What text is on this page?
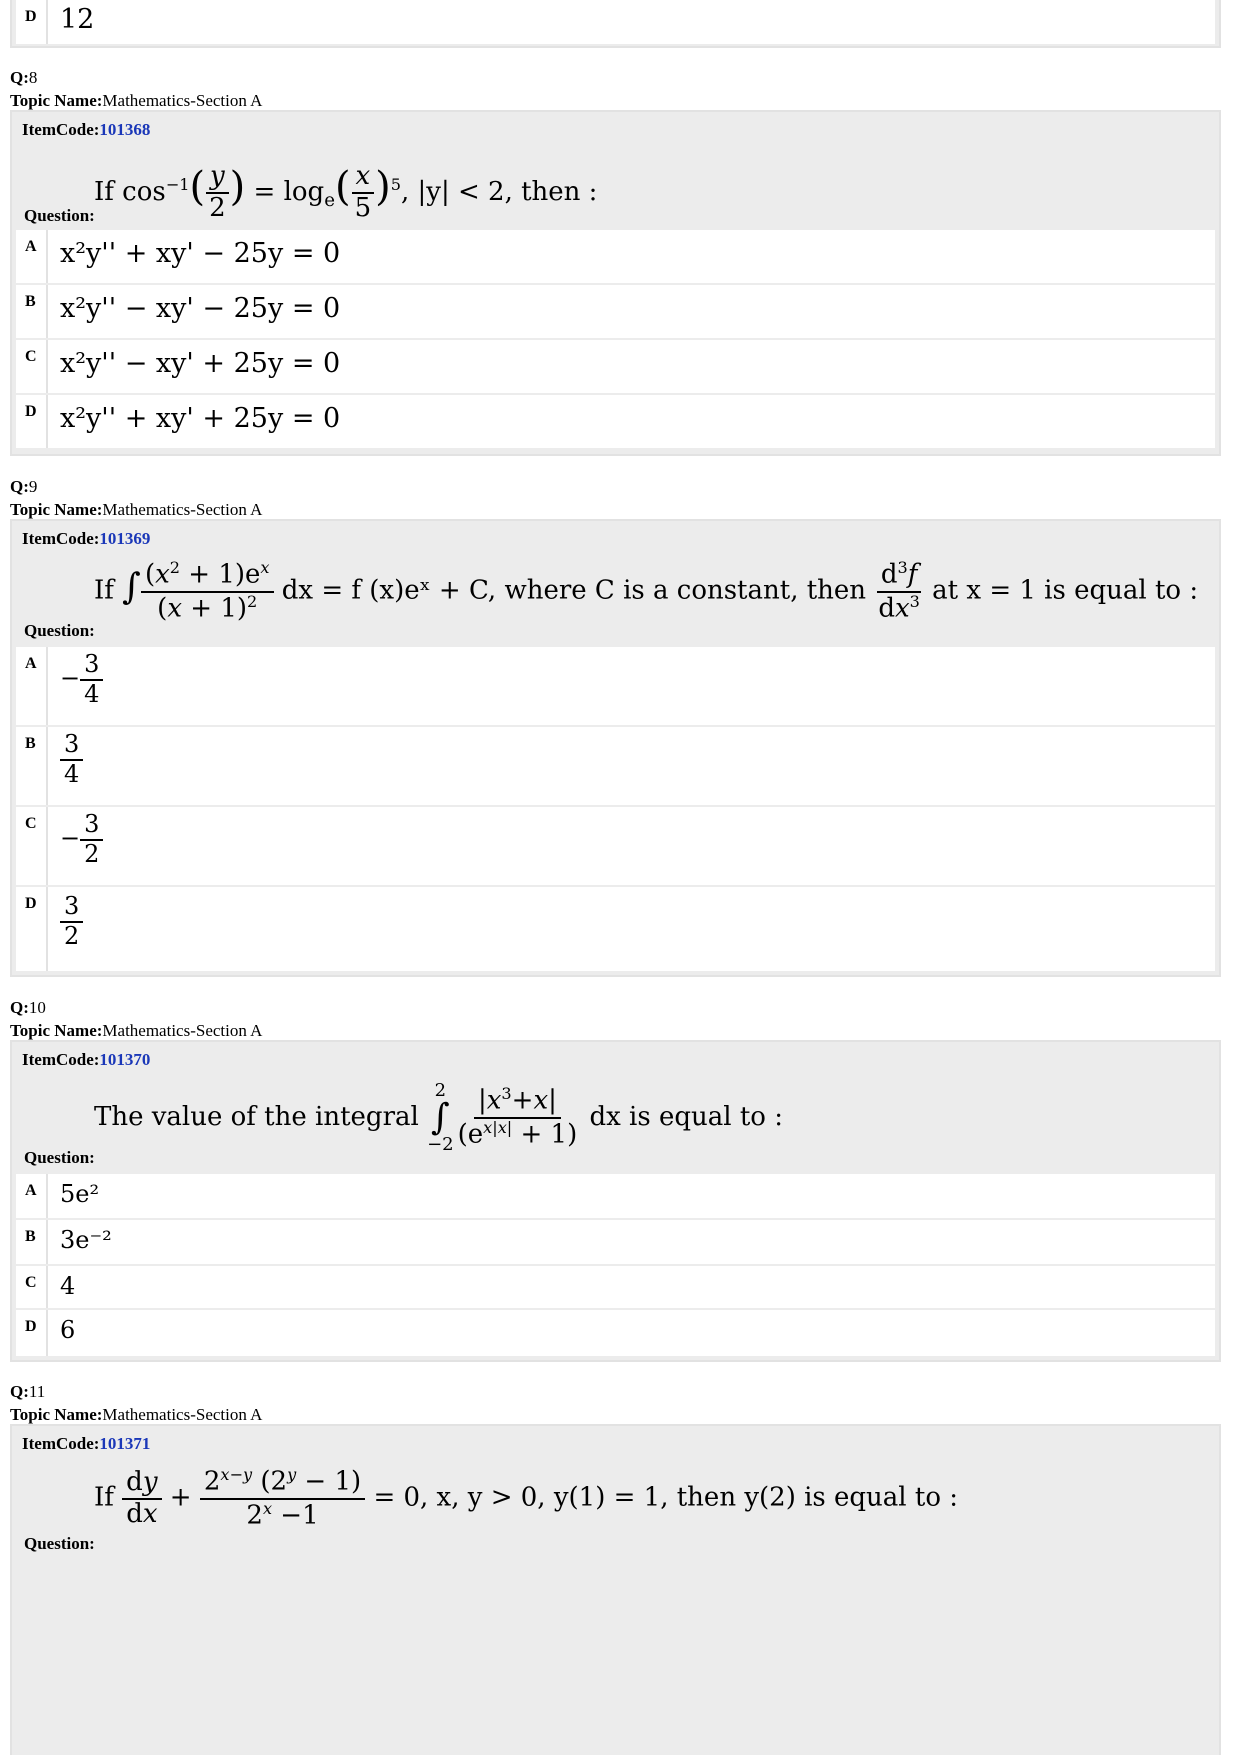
D 12
Q:8
Topic Name:Mathematics-Section A
ItemCode:101368
If $\cos^{-1}( \frac{y}{2}$ ) = $\log_e( \frac{x}{5} )^5$, |y| < 2, then :
Question:
A x²y'' + xy' − 25y = 0
B x²y'' − xy' − 25y = 0
C x²y'' − xy' + 25y = 0
D x²y'' + xy' + 25y = 0
Q:9
Topic Name:Mathematics-Section A
ItemCode:101369
If ∫ $\frac{(x^2 + 1)e^x}{(x + 1)^2}$ dx = f (x)eˣ + C, where C is a constant, then $\frac{d^3f}{dx^3}$ at x = 1 is equal to :
Question:
A
− $\frac{3}{4}$
B	$\frac{3}{4}$
C
− $\frac{3}{2}$
D $\frac{3}{2}$
Q:10
Topic Name:Mathematics-Section A
ItemCode:101370
The value of the integral
2
∫
$-2 \frac{|x^3+x|}{(e^{x|x|} + 1)}$ dx is equal to :
Question:
A 5e²
B	3e⁻²
C 4
D 6
Q:11
Topic Name:Mathematics-Section A
ItemCode:101371
If $\frac{dy}{dx} + \frac{2^{x-y} (2^y - 1)}{2^x -1} = 0$, x, y > 0, y(1) = 1, then y(2) is equal to :
Question:
